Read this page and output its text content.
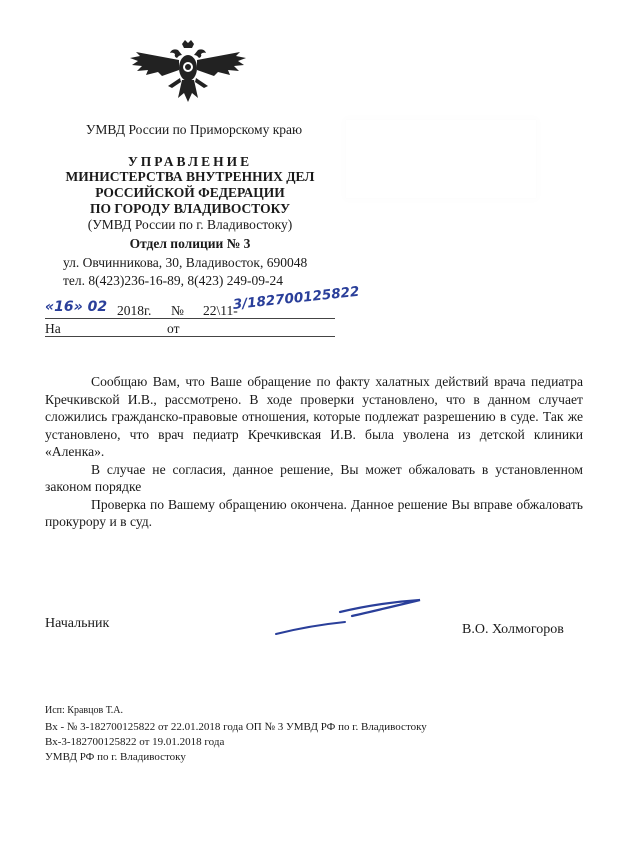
УМВД России по Приморскому краю
УПРАВЛЕНИЕ
МИНИСТЕРСТВА ВНУТРЕННИХ ДЕЛ
РОССИЙСКОЙ ФЕДЕРАЦИИ
ПО ГОРОДУ ВЛАДИВОСТОКУ
(УМВД России по г. Владивостоку)
Отдел полиции № 3
ул. Овчинникова, 30, Владивосток, 690048
тел. 8(423)236-16-89, 8(423) 249-09-24
«16» 02 2018г. № 22\11-
3/182700125822
На	от

Сообщаю Вам, что Ваше обращение по факту халатных действий врача педиатра Кречкивской И.В., рассмотрено. В ходе проверки установлено, что в данном случает сложились гражданско-правовые отношения, которые подлежат разрешению в суде. Так же установлено, что врач педиатр Кречкивская И.В. была уволена из детской клиники «Аленка».

В случае не согласия, данное решение, Вы может обжаловать в установленном законом порядке

Проверка по Вашему обращению окончена. Данное решение Вы вправе обжаловать прокурору и в суд.

Начальник	В.О. Холмогоров
Исп: Кравцов Т.А.
Вх - № 3-182700125822 от 22.01.2018 года ОП № 3 УМВД РФ по г. Владивостоку
Вх-3-182700125822 от 19.01.2018 года
УМВД РФ по г. Владивостоку
